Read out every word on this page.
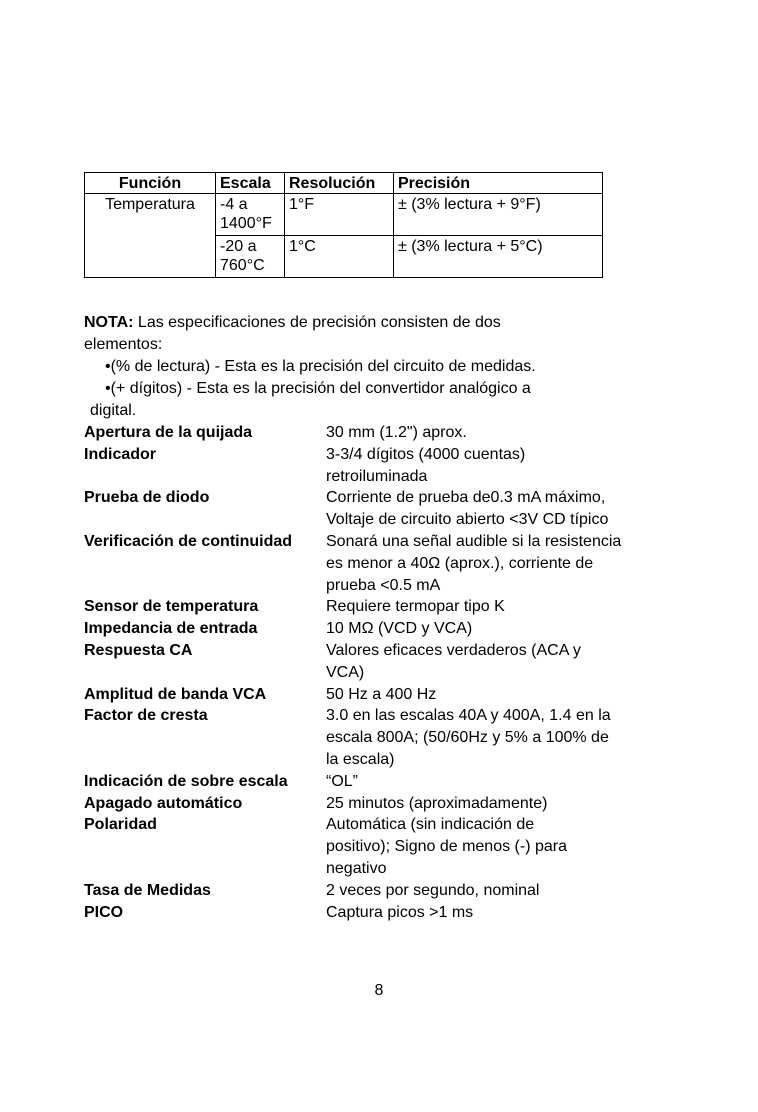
Función	Escala	Resolución	Precisión
Temperatura	-4 a 1400°F	1°F	± (3% lectura + 9°F)
	-20 a 760°C	1°C	± (3% lectura + 5°C)

NOTA: Las especificaciones de precisión consisten de dos elementos:

•(% de lectura) - Esta es la precisión del circuito de medidas.

•(+ dígitos) - Esta es la precisión del convertidor analógico a

digital.

Apertura de la quijada	30 mm (1.2") aprox.
Indicador	3-3/4 dígitos (4000 cuentas) retroiluminada
Prueba de diodo	Corriente de prueba de0.3 mA máximo, Voltaje de circuito abierto <3V CD típico
Verificación de continuidad	Sonará una señal audible si la resistencia es menor a 40Ω (aprox.), corriente de prueba <0.5 mA
Sensor de temperatura	Requiere termopar tipo K
Impedancia de entrada	10 MΩ (VCD y VCA)
Respuesta CA	Valores eficaces verdaderos (ACA y VCA)
Amplitud de banda VCA	50 Hz a 400 Hz
Factor de cresta	3.0 en las escalas 40A y 400A, 1.4 en la escala 800A; (50/60Hz y 5% a 100% de la escala)
Indicación de sobre escala	“OL”
Apagado automático	25 minutos (aproximadamente)
Polaridad	Automática (sin indicación de positivo); Signo de menos (-) para negativo
Tasa de Medidas	2 veces por segundo, nominal
PICO	Captura picos >1 ms
8
